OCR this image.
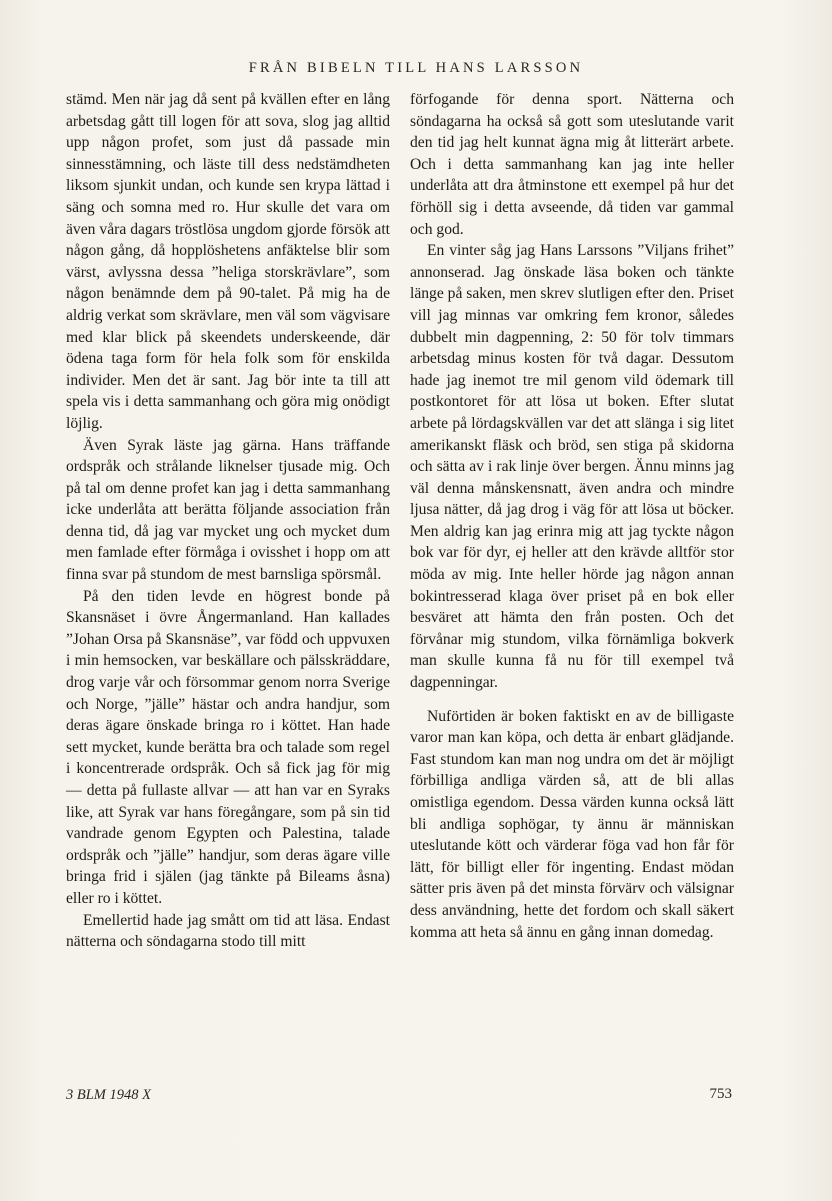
FRÅN BIBELN TILL HANS LARSSON

stämd. Men när jag då sent på kvällen efter en lång arbetsdag gått till logen för att sova, slog jag alltid upp någon profet, som just då passade min sinnesstämning, och läste till dess nedstämdheten liksom sjunkit undan, och kunde sen krypa lättad i säng och somna med ro. Hur skulle det vara om även våra dagars tröstlösa ungdom gjorde försök att någon gång, då hopplöshetens anfäktelse blir som värst, avlyssna dessa ”heliga storskrävlare”, som någon benämnde dem på 90-talet. På mig ha de aldrig verkat som skrävlare, men väl som vägvisare med klar blick på skeendets underskeende, där ödena taga form för hela folk som för enskilda individer. Men det är sant. Jag bör inte ta till att spela vis i detta sammanhang och göra mig onödigt löjlig.

Även Syrak läste jag gärna. Hans träffande ordspråk och strålande liknelser tjusade mig. Och på tal om denne profet kan jag i detta sammanhang icke underlåta att berätta följande association från denna tid, då jag var mycket ung och mycket dum men famlade efter förmåga i ovisshet i hopp om att finna svar på stundom de mest barnsliga spörsmål.

På den tiden levde en högrest bonde på Skansnäset i övre Ångermanland. Han kallades ”Johan Orsa på Skansnäse”, var född och uppvuxen i min hemsocken, var beskällare och pälsskräddare, drog varje vår och försommar genom norra Sverige och Norge, ”jälle” hästar och andra handjur, som deras ägare önskade bringa ro i köttet. Han hade sett mycket, kunde berätta bra och talade som regel i koncentrerade ordspråk. Och så fick jag för mig — detta på fullaste allvar — att han var en Syraks like, att Syrak var hans föregångare, som på sin tid vandrade genom Egypten och Palestina, talade ordspråk och ”jälle” handjur, som deras ägare ville bringa frid i själen (jag tänkte på Bileams åsna) eller ro i köttet.

Emellertid hade jag smått om tid att läsa. Endast nätterna och söndagarna stodo till mitt

förfogande för denna sport. Nätterna och söndagarna ha också så gott som uteslutande varit den tid jag helt kunnat ägna mig åt litterärt arbete. Och i detta sammanhang kan jag inte heller underlåta att dra åtminstone ett exempel på hur det förhöll sig i detta avseende, då tiden var gammal och god.

En vinter såg jag Hans Larssons ”Viljans frihet” annonserad. Jag önskade läsa boken och tänkte länge på saken, men skrev slutligen efter den. Priset vill jag minnas var omkring fem kronor, således dubbelt min dagpenning, 2: 50 för tolv timmars arbetsdag minus kosten för två dagar. Dessutom hade jag inemot tre mil genom vild ödemark till postkontoret för att lösa ut boken. Efter slutat arbete på lördagskvällen var det att slänga i sig litet amerikanskt fläsk och bröd, sen stiga på skidorna och sätta av i rak linje över bergen. Ännu minns jag väl denna månskensnatt, även andra och mindre ljusa nätter, då jag drog i väg för att lösa ut böcker. Men aldrig kan jag erinra mig att jag tyckte någon bok var för dyr, ej heller att den krävde alltför stor möda av mig. Inte heller hörde jag någon annan bokintresserad klaga över priset på en bok eller besväret att hämta den från posten. Och det förvånar mig stundom, vilka förnämliga bokverk man skulle kunna få nu för till exempel två dagpenningar.

Nuförtiden är boken faktiskt en av de billigaste varor man kan köpa, och detta är enbart glädjande. Fast stundom kan man nog undra om det är möjligt förbilliga andliga värden så, att de bli allas omistliga egendom. Dessa värden kunna också lätt bli andliga sophögar, ty ännu är människan uteslutande kött och värderar föga vad hon får för lätt, för billigt eller för ingenting. Endast mödan sätter pris även på det minsta förvärv och välsignar dess användning, hette det fordom och skall säkert komma att heta så ännu en gång innan domedag.

3 BLM 1948 X	753
